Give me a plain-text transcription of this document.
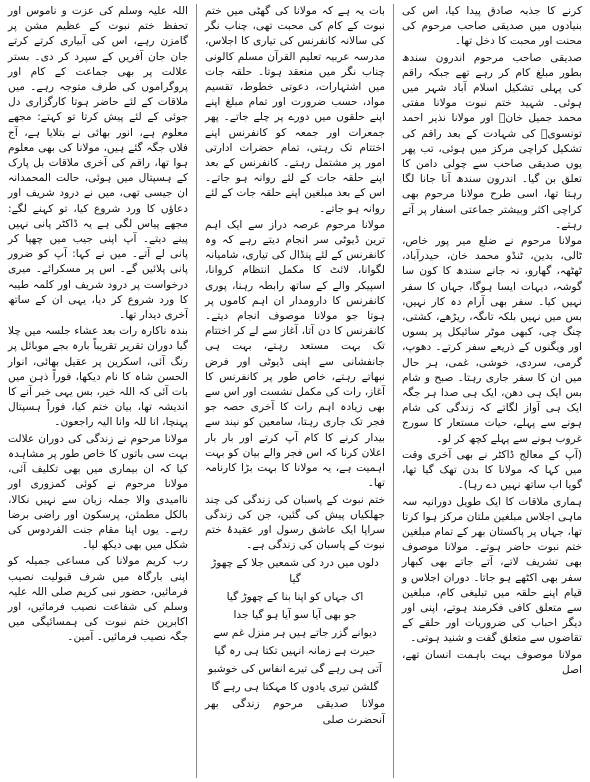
کرنے کا جذبہ صادق پیدا کیا، اس کی بنیادوں میں صدیقی صاحب مرحوم کی محنت اور محبت کا دخل تھا۔

صدیقی صاحب مرحوم اندرون سندھ بطور مبلغ کام کر رہے تھے جبکہ راقم کی پہلی تشکیل اسلام آباد شہر میں ہوئی۔ شہید ختم نبوت مولانا مفتی محمد جمیل خانؒ اور مولانا نذیر احمد تونسویؒ کی شہادت کے بعد راقم کی تشکیل کراچی مرکز میں ہوئی، تب پھر یوں صدیقی صاحب سے چولی دامن کا تعلق بن گیا۔ اندرون سندھ آنا جانا لگا رہتا تھا، اسی طرح مولانا مرحوم بھی کراچی اکثر وبیشتر جماعتی اسفار پر آتے رہتے۔

مولانا مرحوم نے ضلع میر پور خاص، ٹالی، بدین، ٹنڈو محمد خان، حیدرآباد، ٹھٹھہ، گھارو، نہ جانے سندھ کا کون سا گوشہ، دیہات ایسا ہوگا، جہاں کا سفر نہیں کیا۔ سفر بھی آرام دہ کار نہیں، بس میں نہیں بلکہ تاںگہ، ریڑھے، کشتی، چنگ چی، کبھی موٹر سائیکل پر بسوں اور ویگنوں کے ذریعے سفر کرتے۔ دھوپ، گرمی، سردی، خوشی، غمی، ہر حال میں ان کا سفر جاری رہتا۔ صبح و شام بس ایک ہی دھن، ایک ہی صدا ہر جگہ ایک ہی آواز لگاتے کہ زندگی کی شام ہونے سے پہلے، حیات مستعار کا سورج غروب ہونے سے پہلے کچھ کر لو۔

(آپ کے معالج ڈاکٹر نے بھی آخری وقت میں کہا کہ مولانا کا بدن تھک گیا تھا، گویا اب ساتھ نہیں دے رہا)۔

ہماری ملاقات کا ایک طویل دورانیہ سہ ماہی اجلاس مبلغین ملتان مرکز ہوا کرتا تھا، جہاں پر پاکستان بھر کے تمام مبلغین ختم نبوت حاضر ہوتے۔ مولانا موصوف بھی تشریف لاتے، آتے جاتے بھی کبھار سفر بھی اکٹھے ہو جاتا۔ دوران اجلاس و قیام اپنے حلقہ میں تبلیغی کام، مبلغین سے متعلق کافی فکرمند ہوتے، اپنی اور دیگر احباب کی ضروریات اور حلقے کے تقاضوں سے متعلق گفت و شنید ہوتی۔

مولانا موصوف بہت باہمت انسان تھے، اصل

بات یہ ہے کہ مولانا کی گھٹی میں ختم نبوت کے کام کی محبت تھی، چناب نگر کی سالانہ کانفرنس کی تیاری کا اجلاس، مدرسہ عربیہ تعلیم القرآن مسلم کالونی چناب نگر میں منعقد ہوتا۔ حلقہ جات میں اشتہارات، دعوتی خطوط، تقسیم مواد، حسب ضرورت اور تمام مبلغ اپنے اپنے حلقوں میں دورے پر چلے جاتے۔ پھر جمعرات اور جمعہ کو کانفرنس اپنے اختتام تک رہتی، تمام حضرات ادارتی امور پر مشتمل رہتے۔ کانفرنس کے بعد اپنے حلقہ جات کے لئے روانہ ہو جاتے۔ اس کے بعد مبلغین اپنے حلقہ جات کے لئے روانہ ہو جاتے۔

مولانا مرحوم عرصہ دراز سے ایک اہم ترین ڈیوٹی سر انجام دیتے رہے کہ وہ کانفرنس کے لئے پنڈال کی تیاری، شامیانہ لگوانا، لائٹ کا مکمل انتظام کروانا، اسپیکر والے کے ساتھ رابطہ رہنا، پوری کانفرنس کا دارومدار ان اہم کاموں پر ہوتا جو مولانا موصوف انجام دیتے۔ کانفرنس کا دن آتا، آغاز سے لے کر اختتام تک بہت مستعد رہتے، بہت ہی جانفشانی سے اپنی ڈیوٹی اور فرض نبھاتے رہتے، خاص طور پر کانفرنس کا آغاز، رات کی مکمل نشست اور اس سے بھی زیادہ اہم رات کا آخری حصہ جو فجر تک جاری رہتا، سامعین کو نیند سے بیدار کرنے کا کام آپ کرتے اور بار بار اعلان کرنا کہ اس فجر والے بیان کو بہت اہمیت ہے، یہ مولانا کا بہت بڑا کارنامہ تھا۔

ختم نبوت کے پاسبان کی زندگی کی چند جھلکیاں پیش کی گئیں، جن کی زندگی سراپا ایک عاشق رسول اور عقیدۂ ختم نبوت کے پاسبان کی زندگی ہے۔

دلوں میں درد کی شمعیں جلا کے چھوڑ گیا
اک جہاں کو اپنا بنا کے چھوڑ گیا
جو بھی آیا سو آیا ہو گیا جدا
دیوانے گزر جاتے ہیں ہر منزل غم سے
حیرت ہے زمانہ انہیں تکتا ہی رہ گیا
آتی ہی رہے گی تیرے انفاس کی خوشبو
گلشن تیری یادوں کا مہکتا ہی رہے گا

مولانا صدیقی مرحوم زندگی بھر آنحضرت صلی

اللہ علیہ وسلم کی عزت و ناموس اور تحفظ ختم نبوت کے عظیم مشن پر گامزن رہے، اس کی آبیاری کرتے کرتے جان جان آفریں کے سپرد کر دی۔ بستر علالت پر بھی جماعت کے کام اور پروگراموں کی طرف متوجہ رہے۔ میں ملاقات کے لئے حاضر ہوتا کارگزاری دل جوئی کے لئے پیش کرتا تو کہتے: مجھے معلوم ہے، انور بھائی نے بتلایا ہے، آج فلاں جگہ گئے ہیں، مولانا کی بھی معلوم ہوا تھا، راقم کی آخری ملاقات بل پارک کے ہسپتال میں ہوئی، حالت المحمدانہ ان جیسی تھی، میں نے درود شریف اور دعاؤں کا ورد شروع کیا، تو کہنے لگے: مجھے پیاس لگی ہے یہ ڈاکٹر پانی نہیں پینے دیتے۔ آپ اپنی جیب میں چھپا کر پانی لے آتے۔ میں نے کہا: آپ کو ضرور پانی پلائیں گے۔ اس پر مسکرائے۔ میری درخواست پر درود شریف اور کلمہ طیبہ کا ورد شروع کر دیا، یہی ان کے ساتھ آخری دیدار تھا۔

بندہ ناکارہ رات بعد عشاء جلسہ میں چلا گیا دوران تقریر تقریباً بارہ بجے موبائل پر رنگ آئی، اسکرین پر عقیل بھائی، انوار الحسن شاہ کا نام دیکھا، فوراً ذہن میں بات آئی کہ اللہ خیر، بس یہی خبر آنے کا اندیشہ تھا، بیان ختم کیا، فوراً ہسپتال پہنچا، انا للہ وانا الیہ راجعون۔

مولانا مرحوم نے زندگی کی دوران علالت بہت سی باتوں کا خاص طور پر مشاہدہ کیا کہ ان بیماری میں بھی تکلیف آئی، مولانا مرحوم نے کوئی کمزوری اور ناامیدی والا جملہ زبان سے نہیں نکالا، بالکل مطمئن، پرسکون اور راضی برضا رہے۔ یوں اپنا مقام جنت الفردوس کی شکل میں بھی دیکھ لیا۔

رب کریم مولانا کی مساعی جمیلہ کو اپنی بارگاہ میں شرف قبولیت نصیب فرمائیں، حضور نبی کریم صلی اللہ علیہ وسلم کی شفاعت نصیب فرمائیں، اور اکابرین ختم نبوت کی ہمسائیگی میں جگہ نصیب فرمائیں۔ آمین۔
